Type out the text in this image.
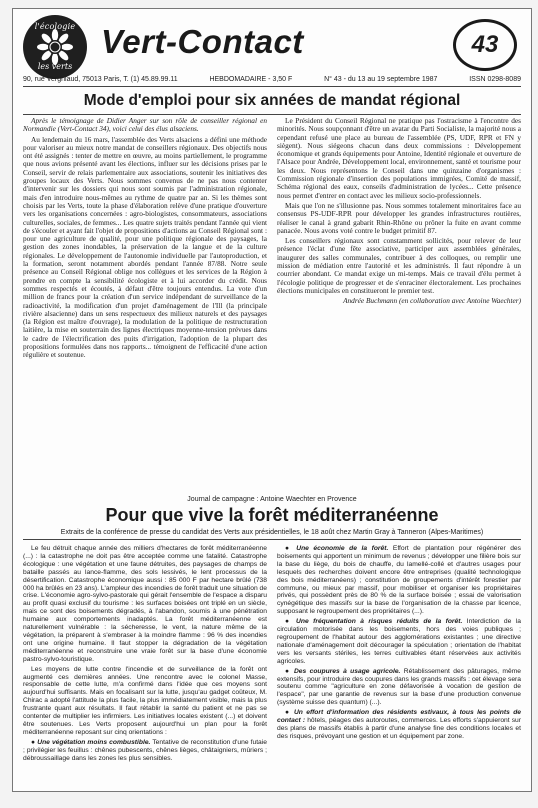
l'écologie
les verts
Vert-Contact	43
90, rue Vergniaud, 75013 Paris, T. (1) 45.89.99.11	HEBDOMADAIRE - 3,50 F	N° 43 - du 13 au 19 septembre 1987	ISSN 0298-8089
Mode d'emploi pour six années de mandat régional

Après le témoignage de Didier Anger sur son rôle de conseiller régional en Normandie (Vert-Contact 34), voici celui des élus alsaciens.

Au lendemain du 16 mars, l'assemblée des Verts alsaciens a défini une méthode pour valoriser au mieux notre mandat de conseillers régionaux. Des objectifs nous ont été assignés : tenter de mettre en œuvre, au moins partiellement, le programme que nous avions présenté avant les élections, influer sur les décisions prises par le Conseil, servir de relais parlementaire aux associations, soutenir les initiatives des groupes locaux des Verts. Nous sommes convenus de ne pas nous contenter d'intervenir sur les dossiers qui nous sont soumis par l'administration régionale, mais d'en introduire nous-mêmes au rythme de quatre par an. Si les thèmes sont choisis par les Verts, toute la phase d'élaboration relève d'une pratique d'ouverture vers les organisations concernées : agro-biologistes, consommateurs, associations culturelles, sociales, de femmes... Les quatre sujets traités pendant l'année qui vient de s'écouler et ayant fait l'objet de propositions d'actions au Conseil Régional sont : pour une agriculture de qualité, pour une politique régionale des paysages, la gestion des zones inondables, la préservation de la langue et de la culture régionales. Le développement de l'autonomie individuelle par l'autoproduction, et la formation, seront notamment abordés pendant l'année 87/88. Notre seule présence au Conseil Régional oblige nos collègues et les services de la Région à prendre en compte la sensibilité écologiste et à lui accorder du crédit. Nous sommes respectés et écoutés, à défaut d'être toujours entendus. La vote d'un million de francs pour la création d'un service indépendant de surveillance de la radioactivité, la modification d'un projet d'aménagement de l'Ill (la principale rivière alsacienne) dans un sens respectueux des milieux naturels et des paysages (la Région est maître d'ouvrage), la modulation de la politique de restructuration laitière, la mise en souterrain des lignes électriques moyenne-tension prévues dans le cadre de l'électrification des puits d'irrigation, l'adoption de la plupart des propositions formulées dans nos rapports... témoignent de l'efficacité d'une action régulière et soutenue.

Le Président du Conseil Régional ne pratique pas l'ostracisme à l'encontre des minorités. Nous soupçonnant d'être un avatar du Parti Socialiste, la majorité nous a cependant refusé une place au bureau de l'assemblée (PS, UDF, RPR et FN y siègent). Nous siégeons chacun dans deux commissions : Développement économique et grands équipements pour Antoine, Identité régionale et ouverture de l'Alsace pour Andrée, Développement local, environnement, santé et tourisme pour les deux. Nous représentons le Conseil dans une quinzaine d'organismes : Commission régionale d'insertion des populations immigrées, Comité de massif, Schéma régional des eaux, conseils d'administration de lycées... Cette présence nous permet d'entrer en contact avec les milieux socio-professionnels.

Mais que l'on ne s'illusionne pas. Nous sommes totalement minoritaires face au consensus PS-UDF-RPR pour développer les grandes infrastructures routières, réaliser le canal à grand gabarit Rhin-Rhône ou prôner la fuite en avant comme panacée. Nous avons voté contre le budget primitif 87.

Les conseillers régionaux sont constamment sollicités, pour relever de leur présence l'éclat d'une fête associative, participer aux assemblées générales, inaugurer des salles communales, contribuer à des colloques, ou remplir une mission de médiation entre l'autorité et les administrés. Il faut répondre à un courrier abondant. Ce mandat exige un mi-temps. Mais ce travail d'élu permet à l'écologie politique de progresser et de s'enraciner électoralement. Les prochaines élections municipales en constitueront le premier test.

Andrée Buchmann (en collaboration avec Antoine Waechter)
Journal de campagne : Antoine Waechter en Provence
Pour que vive la forêt méditerranéenne
Extraits de la conférence de presse du candidat des Verts aux présidentielles, le 18 août chez Martin Gray à Tanneron (Alpes-Maritimes)

Le feu détruit chaque année des milliers d'hectares de forêt méditerranéenne (...) : la catastrophe ne doit pas être acceptée comme une fatalité. Catastrophe écologique : une végétation et une faune détruites, des paysages de champs de bataille passés au lance-flamme, des sols lessivés, le lent processus de la désertification. Catastrophe économique aussi : 85 000 F par hectare brûlé (738 000 ha brûlés en 23 ans). L'ampleur des incendies de forêt traduit une situation de crise. L'économie agro-sylvo-pastorale qui gérait l'ensemble de l'espace a disparu au profit quasi exclusif du tourisme : les surfaces boisées ont triplé en un siècle, mais ce sont des boisements dégradés, à l'abandon, soumis à une pénétration humaine aux comportements inadaptés. La forêt méditerranéenne est naturellement vulnérable : la sécheresse, le vent, la nature même de la végétation, la préparent à s'embraser à la moindre flamme : 96 % des incendies ont une origine humaine. Il faut stopper la dégradation de la végétation méditerranéenne et reconstruire une vraie forêt sur la base d'une économie pastro-sylvo-touristique.

Les moyens de lutte contre l'incendie et de surveillance de la forêt ont augmenté ces dernières années. Une rencontre avec le colonel Masse, responsable de cette lutte, m'a confirmé dans l'idée que ces moyens sont aujourd'hui suffisants. Mais en focalisant sur la lutte, jusqu'au gadget coûteux, M. Chirac a adopté l'attitude la plus facile, la plus immédiatement visible, mais la plus frustrante quant aux résultats. Il faut rétablir la santé du patient et ne pas se contenter de multiplier les infirmiers. Les initiatives locales existent (...) et doivent être soutenues. Les Verts proposent aujourd'hui un plan pour la forêt méditerranéenne reposant sur cinq orientations :

● Une végétation moins combustible. Tentative de reconstitution d'une futaie ; privilégier les feuillus : chênes pubescents, chênes lièges, châtaigniers, mûriers ; débroussaillage dans les zones les plus sensibles.

● Une économie de la forêt. Effort de plantation pour régénérer des boisements qui apportent un minimum de revenus ; développer une filière bois sur la base du liège, du bois de chauffe, du lamellé-collé et d'autres usages pour lesquels des recherches doivent encore être entreprises (qualité technologique des bois méditerranéens) ; constitution de groupements d'intérêt forestier par commune, ou mieux par massif, pour mobiliser et organiser les propriétaires privés, qui possèdent près de 80 % de la surface boisée ; essai de valorisation cynégétique des massifs sur la base de l'organisation de la chasse par licence, supposant le regroupement des propriétaires (...).

● Une fréquentation à risques réduits de la forêt. Interdiction de la circulation motorisée dans les boisements, hors des voies publiques ; regroupement de l'habitat autour des agglomérations existantes ; une directive nationale d'aménagement doit décourager la spéculation ; orientation de l'habitat vers les versants stériles, les terres cultivables étant réservées aux activités agricoles.

● Des coupures à usage agricole. Rétablissement des pâturages, même extensifs, pour introduire des coupures dans les grands massifs : cet élevage sera soutenu comme "agriculture en zone défavorisée à vocation de gestion de l'espace", par une garantie de revenus sur la base d'une production convenue (système suisse des quantum) (...).

● Un effort d'information des résidents estivaux, à tous les points de contact : hôtels, péages des autoroutes, commerces. Les efforts s'appuieront sur des plans de massifs établis à partir d'une analyse fine des conditions locales et des risques, prévoyant une gestion et un équipement par zone.
